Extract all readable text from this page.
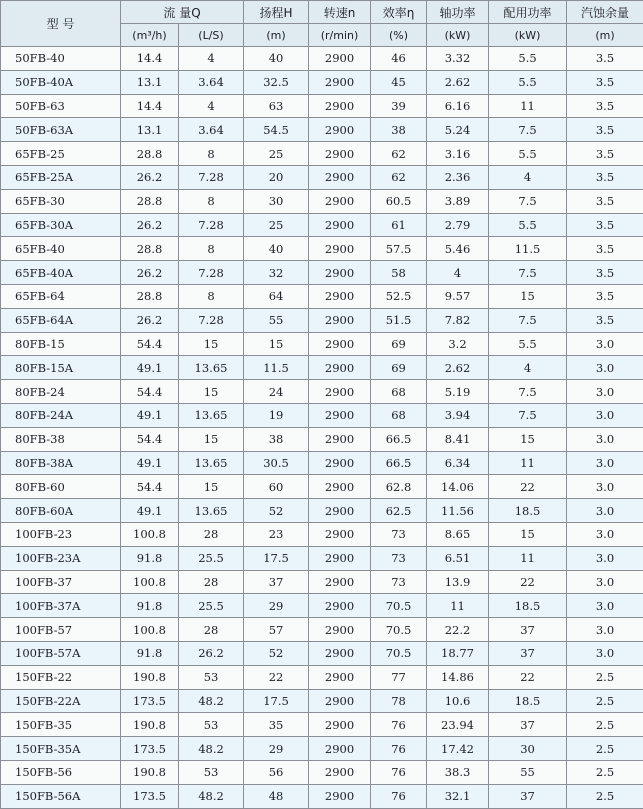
型 号	流 量Q		扬程H	转速n	效率η	轴功率	配用功率	汽蚀余量
	(m³/h)	(L/S)	(m)	(r/min)	(%)	(kW)	(kW)	(m)
50FB-40	14.4	4	40	2900	46	3.32	5.5	3.5
50FB-40A	13.1	3.64	32.5	2900	45	2.62	5.5	3.5
50FB-63	14.4	4	63	2900	39	6.16	11	3.5
50FB-63A	13.1	3.64	54.5	2900	38	5.24	7.5	3.5
65FB-25	28.8	8	25	2900	62	3.16	5.5	3.5
65FB-25A	26.2	7.28	20	2900	62	2.36	4	3.5
65FB-30	28.8	8	30	2900	60.5	3.89	7.5	3.5
65FB-30A	26.2	7.28	25	2900	61	2.79	5.5	3.5
65FB-40	28.8	8	40	2900	57.5	5.46	11.5	3.5
65FB-40A	26.2	7.28	32	2900	58	4	7.5	3.5
65FB-64	28.8	8	64	2900	52.5	9.57	15	3.5
65FB-64A	26.2	7.28	55	2900	51.5	7.82	7.5	3.5
80FB-15	54.4	15	15	2900	69	3.2	5.5	3.0
80FB-15A	49.1	13.65	11.5	2900	69	2.62	4	3.0
80FB-24	54.4	15	24	2900	68	5.19	7.5	3.0
80FB-24A	49.1	13.65	19	2900	68	3.94	7.5	3.0
80FB-38	54.4	15	38	2900	66.5	8.41	15	3.0
80FB-38A	49.1	13.65	30.5	2900	66.5	6.34	11	3.0
80FB-60	54.4	15	60	2900	62.8	14.06	22	3.0
80FB-60A	49.1	13.65	52	2900	62.5	11.56	18.5	3.0
100FB-23	100.8	28	23	2900	73	8.65	15	3.0
100FB-23A	91.8	25.5	17.5	2900	73	6.51	11	3.0
100FB-37	100.8	28	37	2900	73	13.9	22	3.0
100FB-37A	91.8	25.5	29	2900	70.5	11	18.5	3.0
100FB-57	100.8	28	57	2900	70.5	22.2	37	3.0
100FB-57A	91.8	26.2	52	2900	70.5	18.77	37	3.0
150FB-22	190.8	53	22	2900	77	14.86	22	2.5
150FB-22A	173.5	48.2	17.5	2900	78	10.6	18.5	2.5
150FB-35	190.8	53	35	2900	76	23.94	37	2.5
150FB-35A	173.5	48.2	29	2900	76	17.42	30	2.5
150FB-56	190.8	53	56	2900	76	38.3	55	2.5
150FB-56A	173.5	48.2	48	2900	76	32.1	37	2.5
